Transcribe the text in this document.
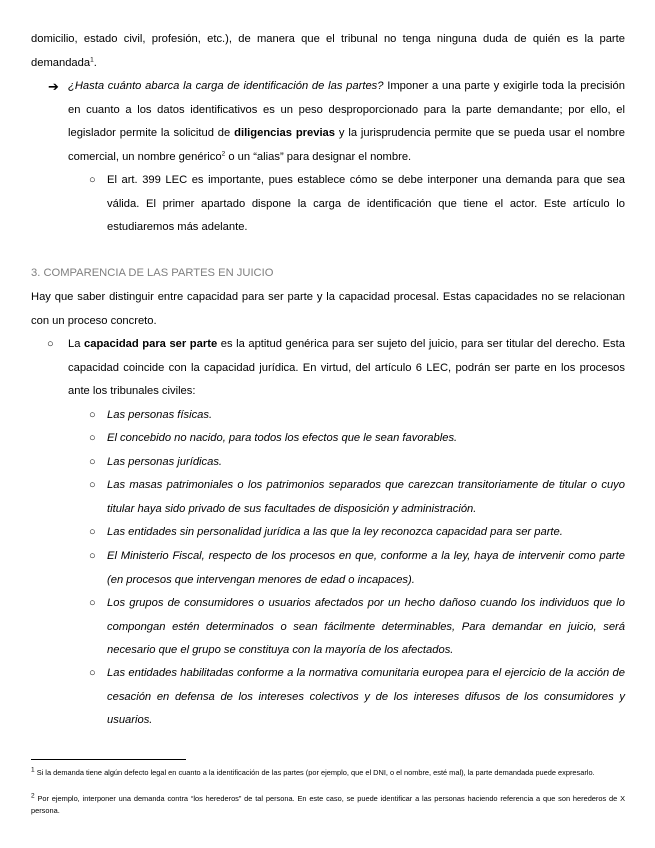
domicilio, estado civil, profesión, etc.), de manera que el tribunal no tenga ninguna duda de quién es la parte demandada$^1$.
➔ ¿Hasta cuánto abarca la carga de identificación de las partes? Imponer a una parte y exigirle toda la precisión en cuanto a los datos identificativos es un peso desproporcionado para la parte demandante; por ello, el legislador permite la solicitud de diligencias previas y la jurisprudencia permite que se pueda usar el nombre comercial, un nombre genérico$^2$ o un “alias” para designar el nombre.
○ El art. 399 LEC es importante, pues establece cómo se debe interponer una demanda para que sea válida. El primer apartado dispone la carga de identificación que tiene el actor. Este artículo lo estudiaremos más adelante.
3. COMPARENCIA DE LAS PARTES EN JUICIO
Hay que saber distinguir entre capacidad para ser parte y la capacidad procesal. Estas capacidades no se relacionan con un proceso concreto.
○ La capacidad para ser parte es la aptitud genérica para ser sujeto del juicio, para ser titular del derecho. Esta capacidad coincide con la capacidad jurídica. En virtud, del artículo 6 LEC, podrán ser parte en los procesos ante los tribunales civiles:
○ Las personas físicas.
○ El concebido no nacido, para todos los efectos que le sean favorables.
○ Las personas jurídicas.
○ Las masas patrimoniales o los patrimonios separados que carezcan transitoriamente de titular o cuyo titular haya sido privado de sus facultades de disposición y administración.
○ Las entidades sin personalidad jurídica a las que la ley reconozca capacidad para ser parte.
○ El Ministerio Fiscal, respecto de los procesos en que, conforme a la ley, haya de intervenir como parte (en procesos que intervengan menores de edad o incapaces).
○ Los grupos de consumidores o usuarios afectados por un hecho dañoso cuando los individuos que lo compongan estén determinados o sean fácilmente determinables, Para demandar en juicio, será necesario que el grupo se constituya con la mayoría de los afectados.
○ Las entidades habilitadas conforme a la normativa comunitaria europea para el ejercicio de la acción de cesación en defensa de los intereses colectivos y de los intereses difusos de los consumidores y usuarios.
$^1$ Si la demanda tiene algún defecto legal en cuanto a la identificación de las partes (por ejemplo, que el DNI, o el nombre, esté mal), la parte demandada puede expresarlo.
$^2$ Por ejemplo, interponer una demanda contra “los herederos” de tal persona. En este caso, se puede identificar a las personas haciendo referencia a que son herederos de X persona.
